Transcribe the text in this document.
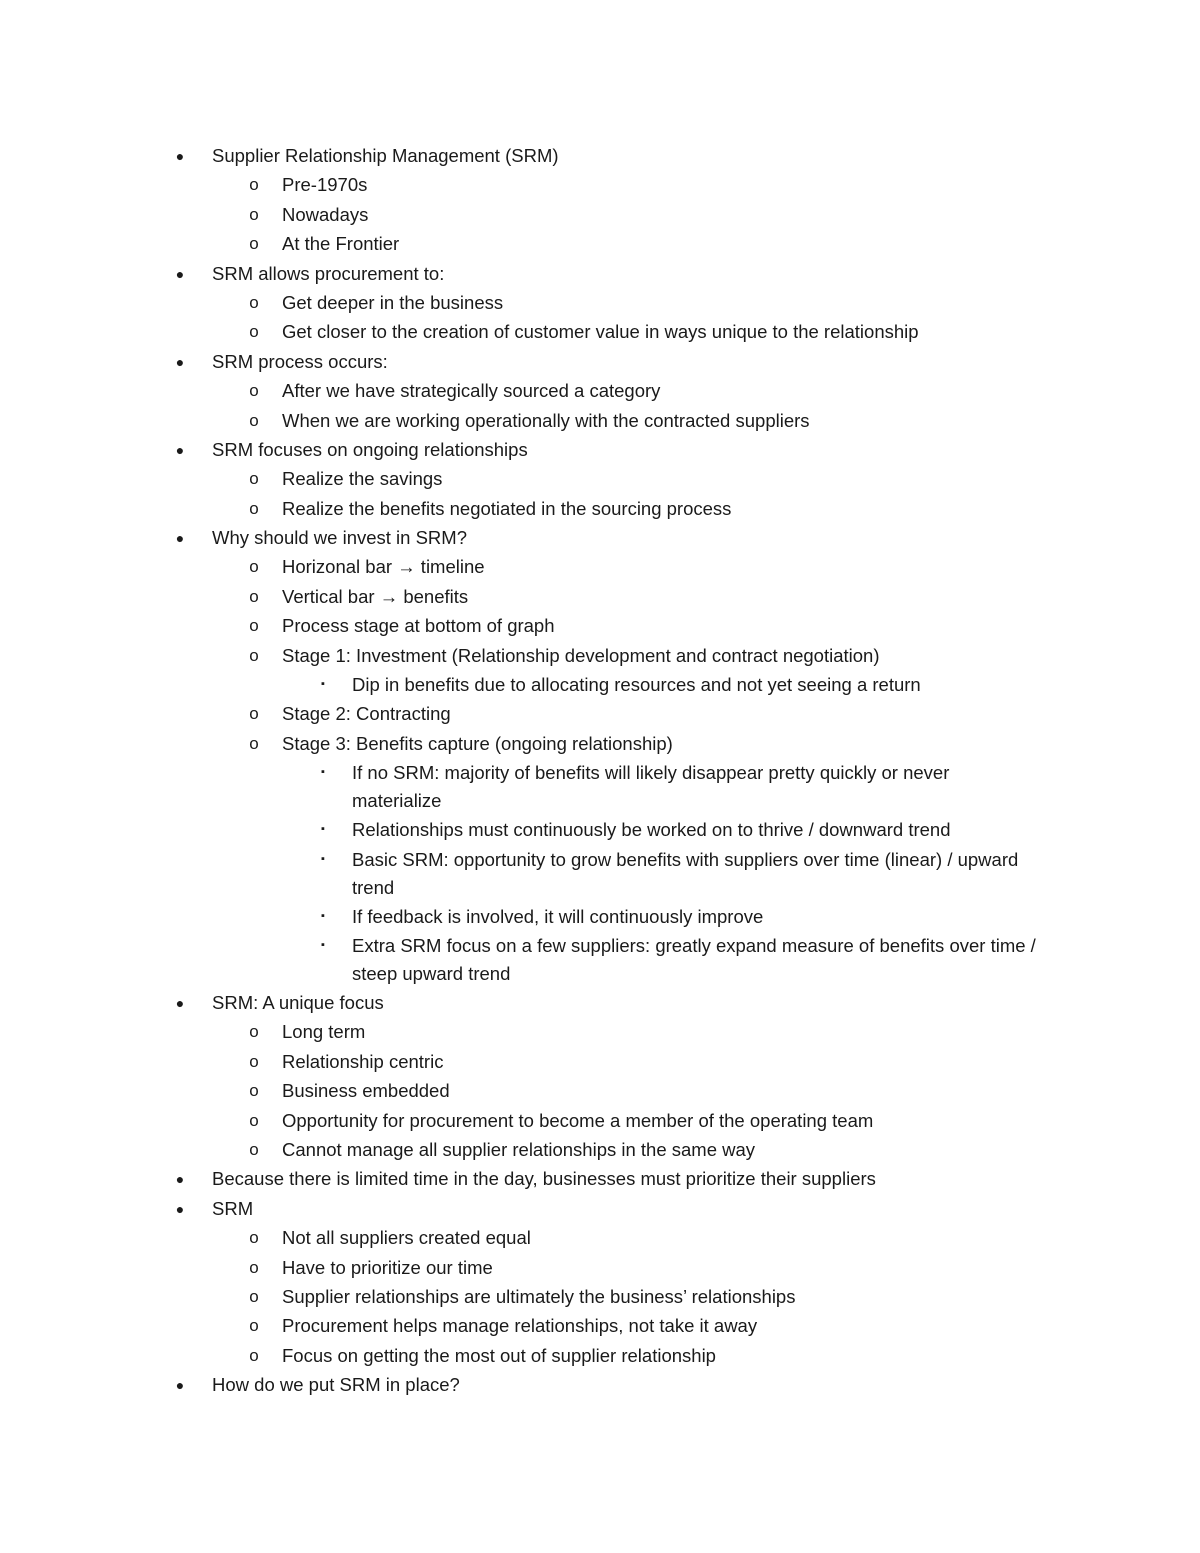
●	Supplier Relationship Management (SRM)
o Pre-1970s
o Nowadays
o At the Frontier
●	SRM allows procurement to:
o Get deeper in the business
o Get closer to the creation of customer value in ways unique to the relationship
●	SRM process occurs:
o After we have strategically sourced a category
o When we are working operationally with the contracted suppliers
●	SRM focuses on ongoing relationships
o Realize the savings
o Realize the benefits negotiated in the sourcing process
●	Why should we invest in SRM?
o Horizonal bar → timeline
o Vertical bar → benefits
o Process stage at bottom of graph
o Stage 1: Investment (Relationship development and contract negotiation)
▪	Dip in benefits due to allocating resources and not yet seeing a return
o Stage 2: Contracting
o Stage 3: Benefits capture (ongoing relationship)
▪	If no SRM: majority of benefits will likely disappear pretty quickly or never materialize
▪	Relationships must continuously be worked on to thrive / downward trend
▪	Basic SRM: opportunity to grow benefits with suppliers over time (linear) / upward trend
▪	If feedback is involved, it will continuously improve
▪	Extra SRM focus on a few suppliers: greatly expand measure of benefits over time / steep upward trend
●	SRM: A unique focus
o Long term
o Relationship centric
o Business embedded
o Opportunity for procurement to become a member of the operating team
o Cannot manage all supplier relationships in the same way
●	Because there is limited time in the day, businesses must prioritize their suppliers
●	SRM
o Not all suppliers created equal
o Have to prioritize our time
o Supplier relationships are ultimately the business’ relationships
o Procurement helps manage relationships, not take it away
o Focus on getting the most out of supplier relationship
●	How do we put SRM in place?
